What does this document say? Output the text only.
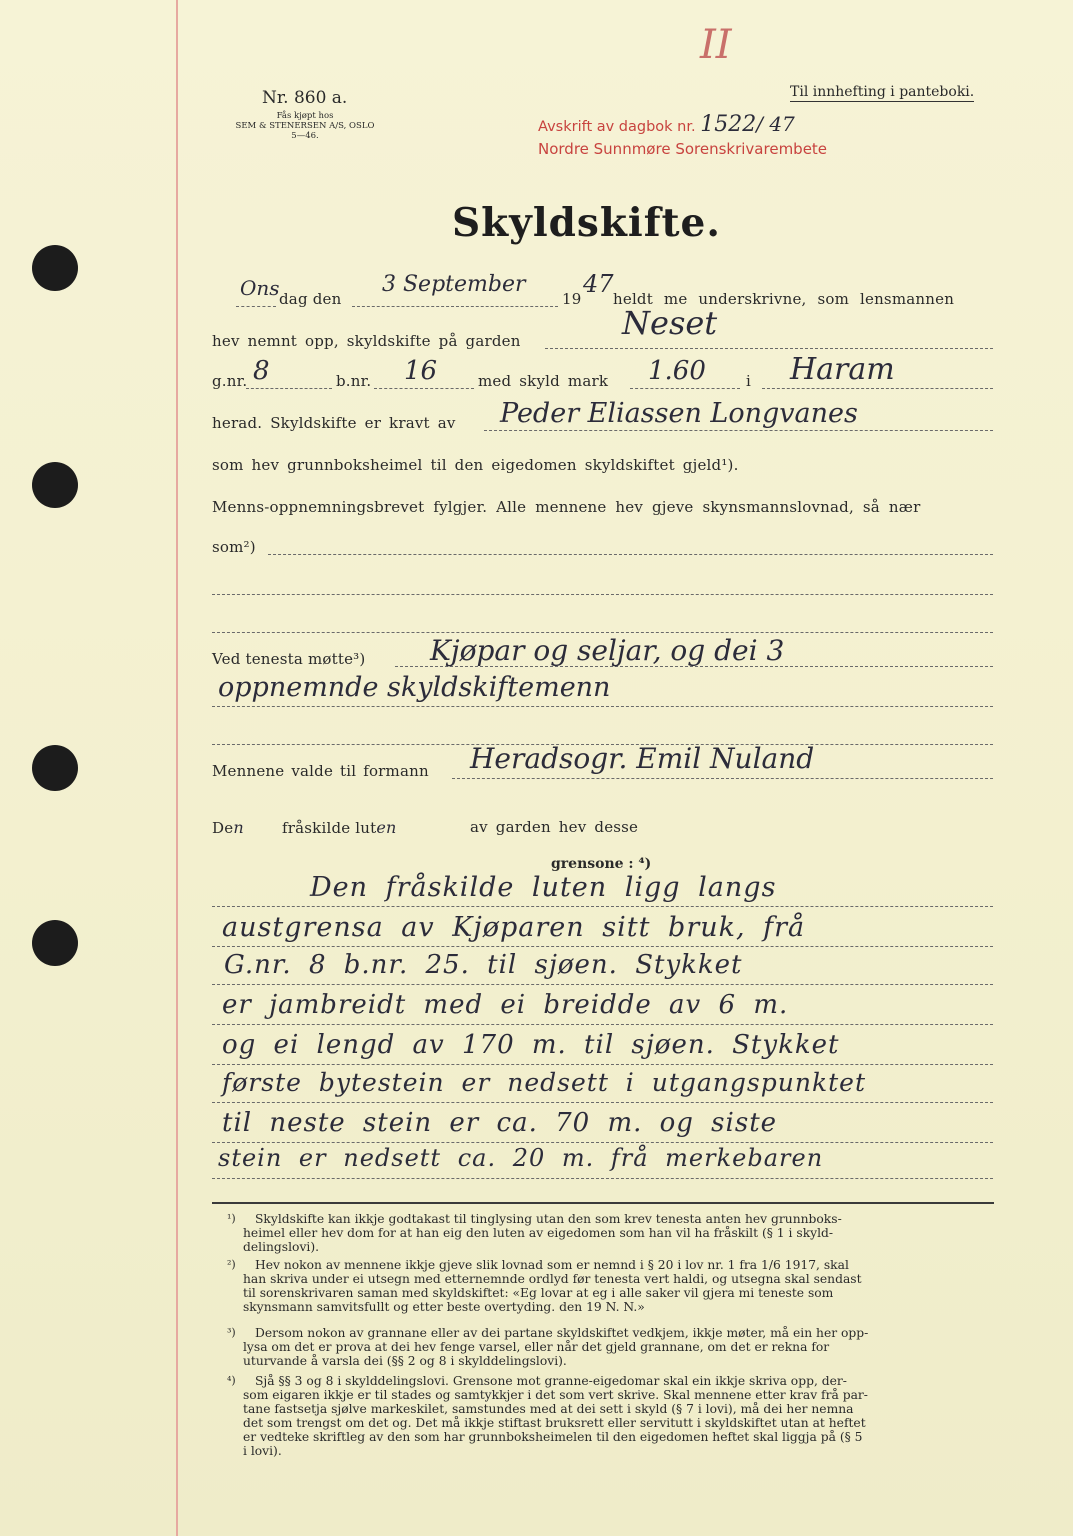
Nr. 860 a.
Fås kjøpt hos
SEM & STENERSEN A/S, OSLO
5—46.
II
Til innhefting i panteboki.
Avskrift av dagbok nr. 1522/ 47
Nordre Sunnmøre Sorenskrivarembete
Skyldskifte.
Ons dag den
3 September
19
47
heldt me underskrivne, som lensmannen
hev nemnt opp, skyldskifte på garden	Neset
g.nr. 8	b.nr. 16	med skyld mark 1.60	i Haram
herad. Skyldskifte er kravt av Peder Eliassen Longvanes
som hev grunnboksheimel til den eigedomen skyldskiftet gjeld¹).
Menns-oppnemningsbrevet fylgjer. Alle mennene hev gjeve skynsmannslovnad, så nær
som²)
Ved tenesta møtte³) Kjøpar og seljar, og dei 3
oppnemnde skyldskiftemenn
Mennene valde til formann Heradsogr. Emil Nuland
Den	fråskilde luten	av garden hev desse
grensone : ⁴)
Den fråskilde luten ligg langs
austgrensa av Kjøparen sitt bruk, frå
G.nr. 8 b.nr. 25. til sjøen. Stykket
er jambreidt med ei breidde av 6 m.
og ei lengd av 170 m. til sjøen. Stykket
første bytestein er nedsett i utgangspunktet
til neste stein er ca. 70 m. og siste
stein er nedsett ca. 20 m. frå merkebaren
¹) Skyldskifte kan ikkje godtakast til tinglysing utan den som krev tenesta anten hev grunnboks-
heimel eller hev dom for at han eig den luten av eigedomen som han vil ha fråskilt (§ 1 i skyld-
delingslovi).
²) Hev nokon av mennene ikkje gjeve slik lovnad som er nemnd i § 20 i lov nr. 1 fra 1/6 1917, skal
han skriva under ei utsegn med etternemnde ordlyd før tenesta vert haldi, og utsegna skal sendast
til sorenskrivaren saman med skyldskiftet: «Eg lovar at eg i alle saker vil gjera mi teneste som
skynsmann samvitsfullt og etter beste overtyding. den 19 N. N.»
³) Dersom nokon av grannane eller av dei partane skyldskiftet vedkjem, ikkje møter, må ein her opp-
lysa om det er prova at dei hev fenge varsel, eller når det gjeld grannane, om det er rekna for
uturvande å varsla dei (§§ 2 og 8 i skylddelingslovi).
⁴) Sjå §§ 3 og 8 i skylddelingslovi. Grensone mot granne-eigedomar skal ein ikkje skriva opp, der-
som eigaren ikkje er til stades og samtykkjer i det som vert skrive. Skal mennene etter krav frå par-
tane fastsetja sjølve markeskilet, samstundes med at dei sett i skyld (§ 7 i lovi), må dei her nemna
det som trengst om det og. Det må ikkje stiftast bruksrett eller servitutt i skyldskiftet utan at heftet
er vedteke skriftleg av den som har grunnboksheimelen til den eigedomen heftet skal liggja på (§ 5
i lovi).
